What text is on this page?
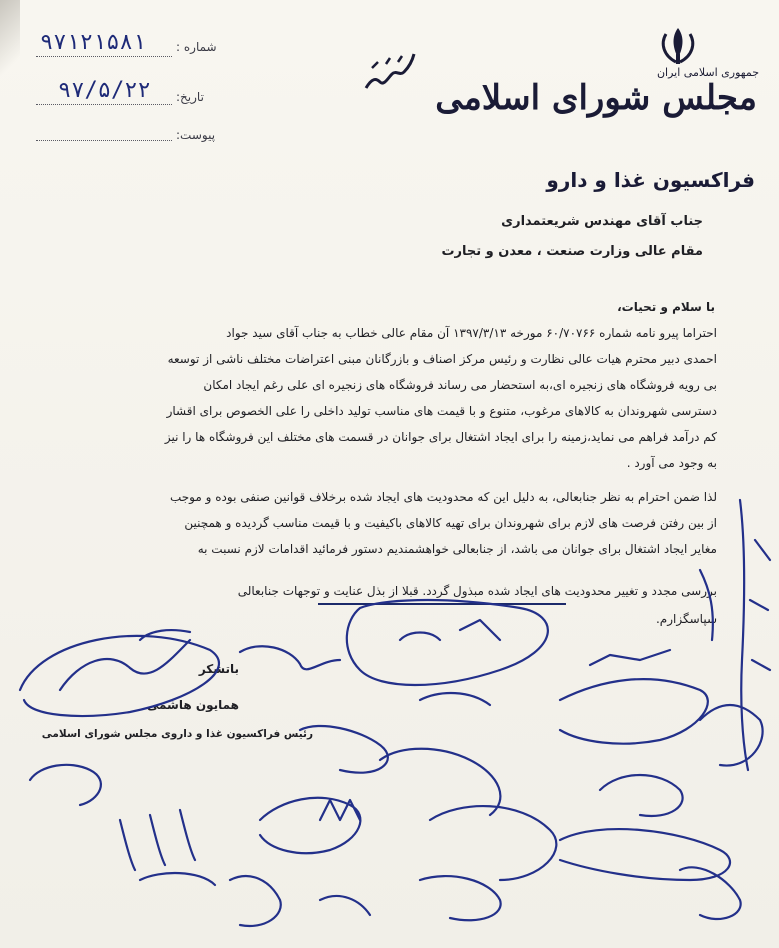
جمهوری اسلامی ایران
مجلس شورای اسلامی
فراکسیون غذا و دارو
شماره :
۹۷۱۲۱۵۸۱
تاریخ:
۹۷/۵/۲۲
پیوست:
جناب آقای مهندس شریعتمداری
مقام عالی وزارت صنعت ، معدن و تجارت
با سلام و تحیات،
احتراما پیرو نامه شماره ۶۰/۷۰۷۶۶ مورخه ۱۳۹۷/۳/۱۳ آن مقام عالی خطاب به جناب آقای سید جواد
احمدی دبیر محترم هیات عالی نظارت و رئیس مرکز اصناف و بازرگانان مبنی اعتراضات مختلف ناشی از توسعه
بی رویه فروشگاه های زنجیره ای،به استحضار می رساند فروشگاه های زنجیره ای علی رغم ایجاد امکان
دسترسی شهروندان به کالاهای مرغوب، متنوع و با قیمت های مناسب تولید داخلی را علی الخصوص برای اقشار
کم درآمد فراهم می نماید،زمینه را برای ایجاد اشتغال برای جوانان در قسمت های مختلف این فروشگاه ها را نیز
به وجود می آورد .
لذا ضمن احترام به نظر جنابعالی، به دلیل این که محدودیت های ایجاد شده برخلاف قوانین صنفی بوده و موجب
از بین رفتن فرصت های لازم برای شهروندان برای تهیه کالاهای باکیفیت و با قیمت مناسب گردیده و همچنین
مغایر ایجاد اشتغال برای جوانان می باشد، از جنابعالی خواهشمندیم دستور فرمائید اقدامات لازم نسبت به
بررسی مجدد و تغییر محدودیت های ایجاد شده مبذول گردد. قبلا از بذل عنایت و توجهات جنابعالی
سپاسگزارم.
باتشکر
همایون هاشمی
رئیس فراکسیون غذا و داروی مجلس شورای اسلامی
